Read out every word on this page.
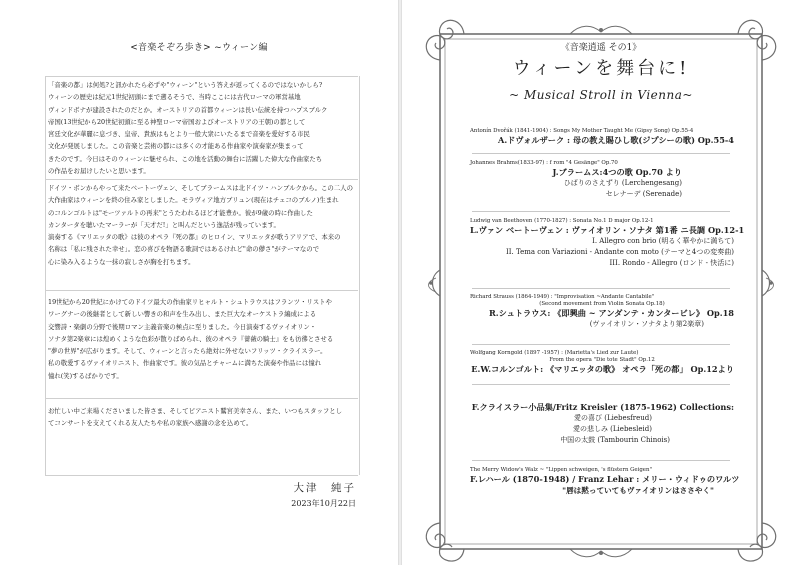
<音楽そぞろ歩き> ~ウィーン編
「音楽の都」は何処?と訊かれたら必ずや"ウィーン"という答えが返ってくるのではないかしら?
ウィーンの歴史は紀元1世紀初頭にまで遡るそうで、当時ここには古代ローマの軍営基地
ヴィンドボナが建設されたのだとか。オーストリアの首都ウィーンは長い伝統を持つハプスブルク
帝国(13世紀から20世紀初頭に至る神聖ローマ帝国およびオーストリアの王朝)の都として
宮廷文化が華麗に息づき、皇帝、貴族はもとより一般大衆にいたるまで音楽を愛好する市民
文化が発展しました。この音楽と芸術の都には多くの才能ある作曲家や演奏家が集まって
きたのです。今日はそのウィーンに魅せられ、この地を活動の舞台に活躍した偉大な作曲家たち
の作品をお届けしたいと思います。
ドイツ・ボンからやって来たベートーヴェン、そしてブラームスは北ドイツ・ハンブルクから。この二人の
大作曲家はウィーンを終の住み家としました。モラヴィア地方ブリュン(現在はチェコのブルノ)生まれ
のコルンゴルトは"モーツァルトの再来"とうたわれるほど才能豊か。彼が9歳の時に作曲した
カンタータを聴いたマーラーが「天才だ!」と叫んだという逸話が残っています。
演奏する《マリエッタの歌》は彼のオペラ『死の都』のヒロイン、マリエッタが歌うアリアで、本来の
名称は「私に残された幸せ」。恋の喜びを物語る歌詞ではあるけれど"命の儚さ"がテーマなので
心に染み入るような一抹の寂しさが胸を打ちます。
19世紀から20世紀にかけてのドイツ最大の作曲家リヒャルト・シュトラウスはフランツ・リストや
ワーグナーの後継者として新しい響きの和声を生み出し、また巨大なオーケストラ編成による
交響詩・楽劇の分野で後期ロマン主義音楽の極点に至りました。今日演奏するヴァイオリン・
ソナタ第2楽章には煌めくような色彩が散りばめられ、彼のオペラ『薔薇の騎士』をも彷彿とさせる
"夢の世界"が広がります。そして、ウィーンと言ったら絶対に外せないフリッツ・クライスラー。
私の敬愛するヴァイオリニスト、作曲家です。彼の気品とチャームに満ちた演奏や作品には憧れ
憧れ(笑)するばかりです。
お忙しい中ご来場くださいました皆さま、そしてピアニスト鷲宮美幸さん、また、いつもスタッフとし
てコンサートを支えてくれる友人たちや私の家族へ感謝の念を込めて。
大津　純子
2023年10月22日
《音楽逍遥 その1》
ウィーンを舞台に!
~ Musical Stroll in Vienna~
Antonín Dvořák (1841-1904) : Songs My Mother Taught Me (Gipsy Song) Op.55-4
A.ドヴォルザーク : 母の教え賜ひし歌(ジプシーの歌) Op.55-4
Johannes Brahms(1833-97) : f rom "4 Gesänge" Op.70
J.ブラームス:4つの歌 Op.70 より
ひばりのさえずり (Lerchengesang)
セレナーデ (Serenade)
Ludwig van Beethoven (1770-1827) : Sonata No.1 D major Op.12-1
L.ヴァン ベートーヴェン : ヴァイオリン・ソナタ 第1番 ニ長調 Op.12-1
I. Allegro con brio (明るく華やかに満ちて)
II. Tema con Variazioni - Andante con moto (テーマと4つの変奏曲)
III. Rondo - Allegro (ロンド - 快活に)
Richard Strauss (1864-1949) : "Improvisation ~Andante Cantabile"
(Second movement from Violin Sonata Op.18)
R.シュトラウス: 《即興曲 ~ アンダンテ・カンタービレ》 Op.18
(ヴァイオリン・ソナタより第2楽章)
Wolfgang Korngold (1897 -1957) : (Marietta's Lied zur Laute)
From the opera "Die tote Stadt" Op.12
E.W.コルンゴルト: 《マリエッタの歌》 オペラ「死の都」 Op.12より
F.クライスラー小品集/Fritz Kreisler (1875-1962) Collections:
愛の喜び (Liebesfreud)
愛の悲しみ (Liebesleid)
中国の太鼓 (Tambourin Chinois)
The Merry Widow's Walz ~ "Lippen schweigen, 's flüstern Geigen"
F.レハール (1870-1948) / Franz Lehar : メリー・ウィドゥのワルツ
"唇は黙っていてもヴァイオリンはささやく"
